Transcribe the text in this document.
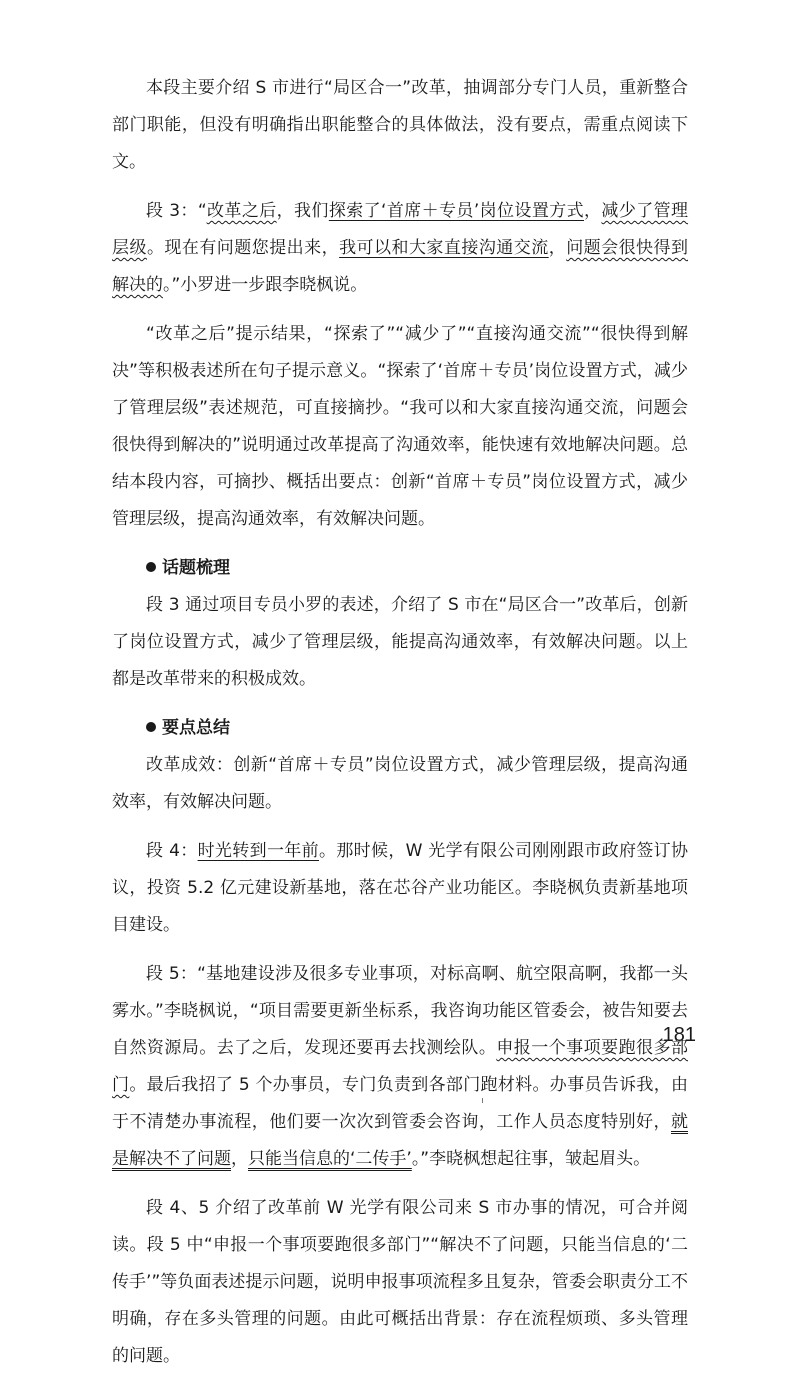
本段主要介绍 S 市进行“局区合一”改革，抽调部分专门人员，重新整合部门职能，但没有明确指出职能整合的具体做法，没有要点，需重点阅读下文。

段 3：“改革之后，我们探索了‘首席＋专员’岗位设置方式，减少了管理层级。现在有问题您提出来，我可以和大家直接沟通交流，问题会很快得到解决的。”小罗进一步跟李晓枫说。

“改革之后”提示结果，“探索了”“减少了”“直接沟通交流”“很快得到解决”等积极表述所在句子提示意义。“探索了‘首席＋专员’岗位设置方式，减少了管理层级”表述规范，可直接摘抄。“我可以和大家直接沟通交流，问题会很快得到解决的”说明通过改革提高了沟通效率，能快速有效地解决问题。总结本段内容，可摘抄、概括出要点：创新“首席＋专员”岗位设置方式，减少管理层级，提高沟通效率，有效解决问题。

话题梳理

段 3 通过项目专员小罗的表述，介绍了 S 市在“局区合一”改革后，创新了岗位设置方式，减少了管理层级，能提高沟通效率，有效解决问题。以上都是改革带来的积极成效。

要点总结

改革成效：创新“首席＋专员”岗位设置方式，减少管理层级，提高沟通效率，有效解决问题。

段 4：时光转到一年前。那时候，W 光学有限公司刚刚跟市政府签订协议，投资 5.2 亿元建设新基地，落在芯谷产业功能区。李晓枫负责新基地项目建设。

段 5：“基地建设涉及很多专业事项，对标高啊、航空限高啊，我都一头雾水。”李晓枫说，“项目需要更新坐标系，我咨询功能区管委会，被告知要去自然资源局。去了之后，发现还要再去找测绘队。申报一个事项要跑很多部门。最后我招了 5 个办事员，专门负责到各部门跑材料。办事员告诉我，由于不清楚办事流程，他们要一次次到管委会咨询，工作人员态度特别好，就是解决不了问题，只能当信息的‘二传手’。”李晓枫想起往事，皱起眉头。

段 4、5 介绍了改革前 W 光学有限公司来 S 市办事的情况，可合并阅读。段 5 中“申报一个事项要跑很多部门”“解决不了问题，只能当信息的‘二传手’”等负面表述提示问题，说明申报事项流程多且复杂，管委会职责分工不明确，存在多头管理的问题。由此可概括出背景：存在流程烦琐、多头管理的问题。

181
